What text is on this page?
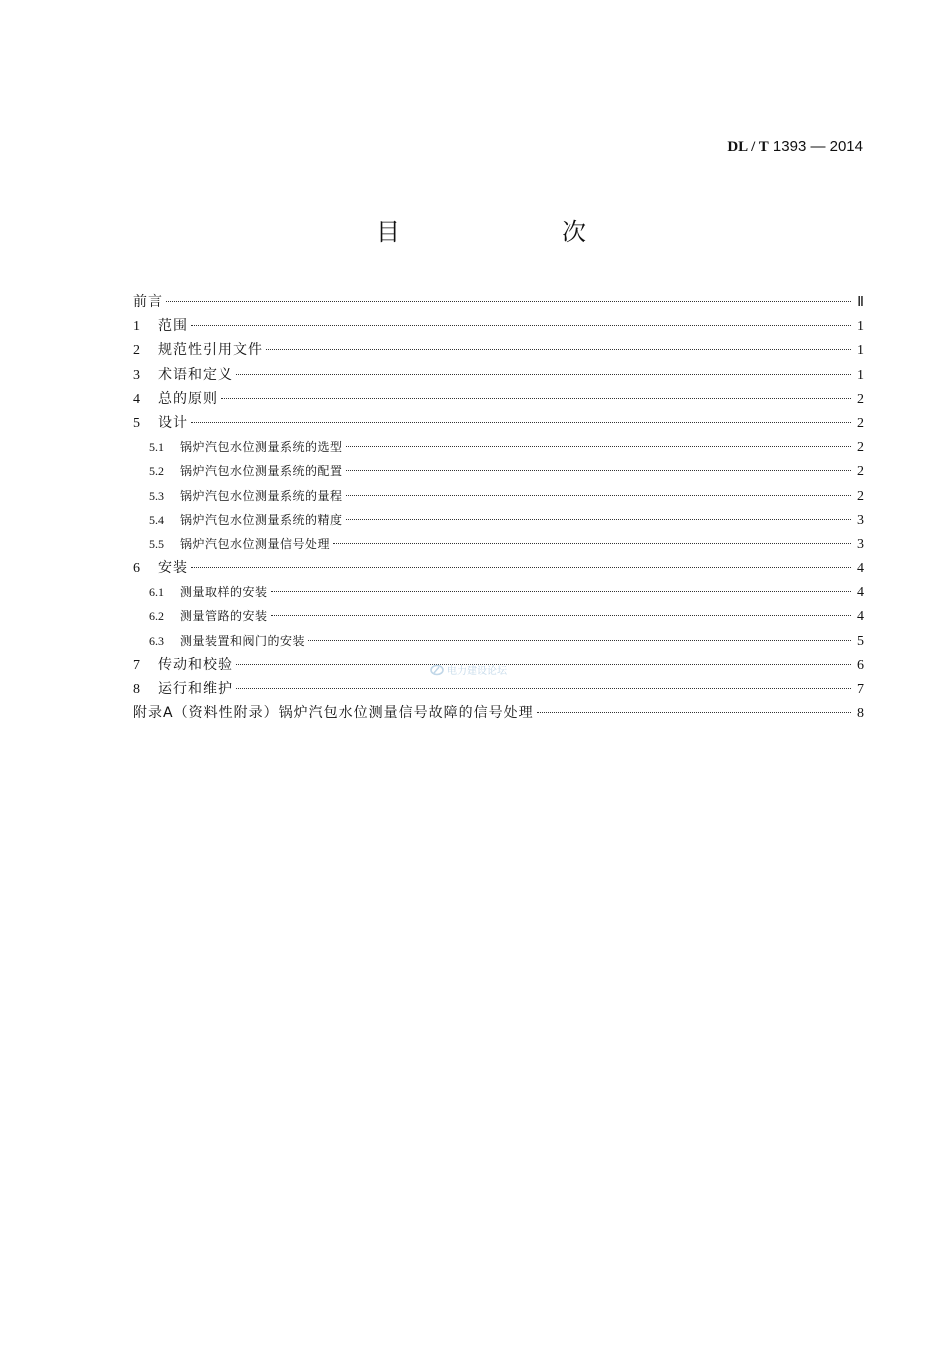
DL / T 1393 — 2014
目　　次
前言	Ⅱ
1	范围	1
2	规范性引用文件	1
3	术语和定义	1
4	总的原则	2
5	设计	2
5.1	锅炉汽包水位测量系统的选型	2
5.2	锅炉汽包水位测量系统的配置	2
5.3	锅炉汽包水位测量系统的量程	2
5.4	锅炉汽包水位测量系统的精度	3
5.5	锅炉汽包水位测量信号处理	3
6	安装	4
6.1	测量取样的安装	4
6.2	测量管路的安装	4
6.3	测量装置和阀门的安装	5
7	传动和校验	6
8	运行和维护	7
附录A（资料性附录）锅炉汽包水位测量信号故障的信号处理	8
电力建设论坛
